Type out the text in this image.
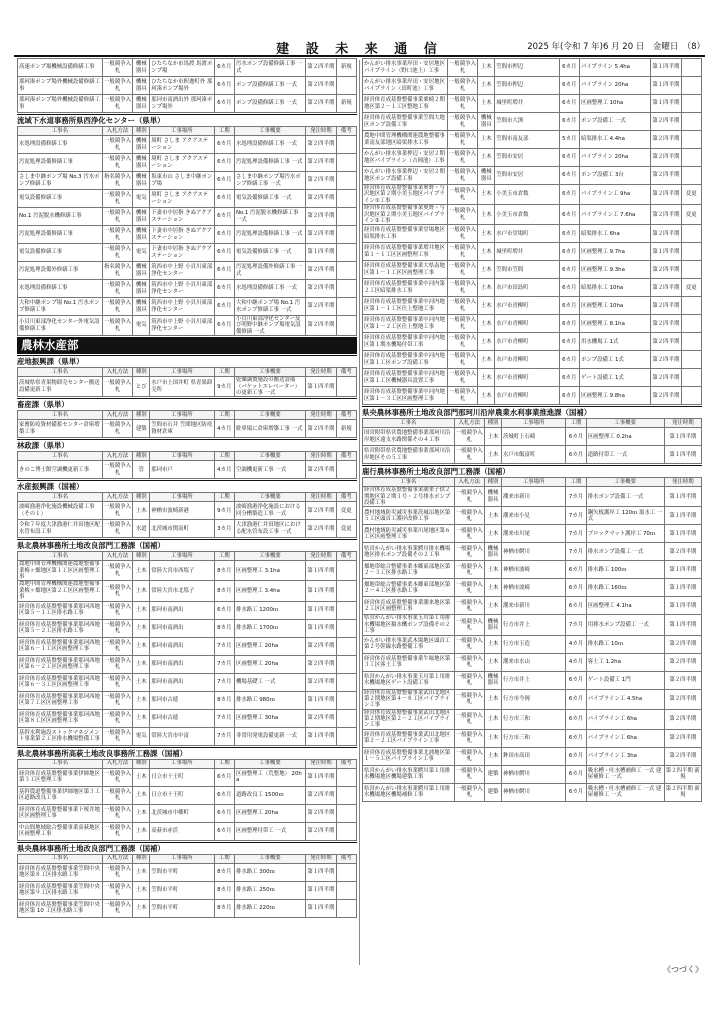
建 設 未 来 通 信	2025 年(令和 7 年)6 月 20 日　金曜日　（8）
高速ポンプ場機械設備修繕工事	一般競争入札	機械器具	ひたちなか市馬渡 馬渡ポンプ場	6カ月	汚水ポンプ設備修繕工事 一式	第２四半期	新規
那珂湊ポンプ場外機械設備修繕工事	一般競争入札	機械器具	ひたちなか市釈迦町外 那珂湊ポンプ場外	6カ月	ポンプ設備修繕工事 一式	第２四半期	
那珂湊ポンプ場外機械設備修繕工事	一般競争入札	機械器具	那珂市南酒出外 那珂湊ポンプ場外	6カ月	ポンプ設備修繕工事 一式	第２四半期	新規
流域下水道事務所県西浄化センター（県単）
工事名	入札方法	種別	工事場所	工期	工事概要	発注時期	備考
水処理設備修繕工事	一般競争入札	機械器具	境町 さしま アクアステーション	6カ月	水処理設備修繕工事 一式	第２四半期	
汚泥処理設備修繕工事	一般競争入札	機械器具	境町 さしま アクアステーション	6カ月	汚泥処理設備修繕工事 一式	第２四半期	
さしま中継ポンプ場 No.3 汚水ポンプ修繕工事	指名競争入札	機械器具	坂東市山 さしま中継ポンプ場	6カ月	さしま中継ポンプ場汚水ポンプ修繕工事 一式	第２四半期	
電気設備修繕工事	一般競争入札	電気	境町 さしま アクアステーション	6カ月	電気設備修繕工事 一式	第２四半期	
No.1 汚泥脱水機修繕工事	一般競争入札	機械器具	下妻市中居指 きぬアクアステーション	6カ月	No.1 汚泥脱水機修繕工事 一式	第２四半期	
汚泥処理設備修繕工事	一般競争入札	機械器具	下妻市中居指 きぬアクアステーション	6カ月	汚泥処理設備修繕工事 一式	第２四半期	
電気設備修繕工事	一般競争入札	電気	下妻市中居指 きぬアクアステーション	6カ月	電気設備修繕工事 一式	第１四半期	
汚泥処理設備外修繕工事	指名競争入札	機械器具	筑西市中上野 小貝川東部浄化センター	6カ月	汚泥処理設備外修繕工事 一式	第２四半期	
水処理設備修繕工事	一般競争入札	機械器具	筑西市中上野 小貝川東部浄化センター	6カ月	水処理設備修繕工事 一式	第２四半期	
大和中継ポンプ場 No.1 汚水ポンプ修繕工事	一般競争入札	機械器具	筑西市中上野 小貝川東部浄化センター	6カ月	大和中継ポンプ場 No.1 汚水ポンプ修繕工事 一式	第２四半期	
小貝川東部浄化センター外電気設備修繕工事	一般競争入札	電気	筑西市中上野 小貝川東部浄化センター	6カ月	小貝川東部浄化センター及び明野中継ポンプ場電気設備修繕 一式	第２四半期	
農林水産部
産地振興課（県単）
工事名	入札方法	種別	工事場所	工期	工事概要	発注時期	備考
茨城県県青果物卸売センター搬送設備更新工事	一般競争入札	とび	水戸市上国井町 県青果卸売所	9カ月	乾燥調製施設の搬送設備（バケットエレベーター）の更新工事 一式	第１四半期	
畜産課（県単）
工事名	入札方法	種別	工事場所	工期	工事概要	発注時期	備考
家畜防疫資材備蓄センター倉庫増築工事	一般競争入札	建築	笠間市石井 笠間地区防疫資材倉庫	4カ月	駐車場に倉庫増築工事 一式	第２四半期	新規
林政課（県単）
工事名	入札方法	種別	工事場所	工期	工事概要	発注時期	備考
きのこ博士館空調機更新工事	一般競争入札	管	那珂市戸	4カ月	空調機更新工事 一式	第２四半期	
水産振興課（国補）
工事名	入札方法	種別	工事場所	工期	工事概要	発注時期	備考
波崎漁港浄化施設機械設備工事（その１）	一般競争入札	土木	神栖市波崎新港	9カ月	波崎漁港浄化施設における回分槽築造工事 一式	第２四半期	変更
令和７年度大津漁港仁井田地区配水管布設工事	一般競争入札	水道	北茨城市関南町	3カ月	大津漁港仁井田地区における配水管布設工事 一式	第２四半期	変更
県北農林事務所土地改良部門工務課（国補）
工事名	入札方法	種別	工事場所	工期	工事概要	発注時期	備考
農地中間管理機構関連農地整備事業梅ヶ畑地区第１工区区画整理工事	一般競争入札	土木	常陸大宮市西塩子	8カ月	区画整理工 3.1ha	第１四半期	
農地中間管理機構関連農地整備事業梅ヶ畑地区第２工区区画整理工事	一般競争入札	土木	常陸大宮市北塩子	8カ月	区画整理工 3.4ha	第１四半期	
経営体育成基盤整備事業那珂西地区第５－１工区排水路工事	一般競争入札	土木	那珂市南酒出	6カ月	排水路工 1200ｍ	第１四半期	
経営体育成基盤整備事業那珂西地区第５－２工区排水路工事	一般競争入札	土木	那珂市南酒出	8カ月	排水路工 1700ｍ	第１四半期	
経営体育成基盤整備事業那珂西地区第６－１工区区画整理工事	一般競争入札	土木	那珂市南酒出	7カ月	区画整理工 20ha	第２四半期	
経営体育成基盤整備事業那珂西地区第６－２工区区画整理工事	一般競争入札	土木	那珂市南酒出	7カ月	区画整理工 20ha	第２四半期	
経営体育成基盤整備事業那珂西地区第６－３工区区画整理工事	一般競争入札	土木	那珂市南酒出	7カ月	機場基礎工 一式	第２四半期	
経営体育成基盤整備事業那珂西地区第７工区区画整理工事	一般競争入札	土木	那珂市古徳	8カ月	排水路工 980ｍ	第１四半期	
経営体育成基盤整備事業那珂西地区第８工区区画整理工事	一般競争入札	土木	那珂市古徳	7カ月	区画整理工 30ha	第２四半期	
基幹水利施設ストックマネジメント事業第２工区排水機場整備工事	一般競争入札	電気	常陸大宮市中富	7カ月	非常用発電設備更新 一式	第１四半期	
県北農林事務所高萩土地改良事務所工務課（国補）
工事名	入札方法	種別	工事場所	工期	工事概要	発注時期	備考
経営体育成基盤整備事業伊師地区第３工区整理工事	一般競争入札	土木	日立市十王町	6カ月	区画整理工（荒整地） 20ha	第１四半期	
基幹農道整備事業伊師地区第３工区道路改良工事	一般競争入札	土木	日立市十王町	6カ月	道路改良工 1500ｍ	第２四半期	
経営体育成基盤整備事業下桜井地区区画整理工事	一般競争入札	土木	北茨城市中郷町	6カ月	区画整理工 20ha	第２四半期	
中山間地域総合整備事業高萩地区区画整理工事	一般競争入札	土木	高萩市赤浜	6カ月	区画整理付帯工 一式	第２四半期	
県央農林事務所土地改良部門工務課（国補）
工事名	入札方法	種別	工事場所	工期	工事概要	発注時期	備考
経営体育成基盤整備事業笠間中央地区第８工区排水路工事	一般競争入札	土木	笠間市平町	8カ月	排水路工 300ｍ	第１四半期	
経営体育成基盤整備事業笠間中央地区第９工区排水路工事	一般競争入札	土木	笠間市平町	8カ月	排水路工 250ｍ	第１四半期	
経営体育成基盤整備事業笠間中央地区第 10 工区排水路工事	一般競争入札	土木	笠間市平町	8カ月	排水路工 220ｍ	第１四半期	
かんがい排水事業岸田・安居地区パイプライン（野口池上）工事	一般競争入札	土木	笠間市押辺	6カ月	パイプライン 5.4ha	第１四半期	
かんがい排水事業岸田・安居地区パイプライン（田町池）工事	一般競争入札	土木	笠間市押辺	6カ月	パイプライン 20ha	第１四半期	
経営体育成基盤整備事業栗崎２期地区第２－１工区整地工事	一般競争入札	土木	城里町増井	6カ月	区画整理工 10ha	第１四半期	
経営体育成基盤整備事業笠間大地区ポンプ設備工事	一般競争入札	機械器具	笠間市大渕	6カ月	ポンプ設備工 一式	第２四半期	
農地中間管理機構関連農地整備事業南友部地区暗渠排水工事	一般競争入札	土木	笠間市南友部	5カ月	暗渠排水工 4.4ha	第２四半期	
かんがい排水事業押辺・安居２期地区パイプライン（吉岡池）工事	一般競争入札	土木	笠間市安居	6カ月	パイプライン 20ha	第２四半期	
かんがい排水事業押辺・安居２期地区ポンプ設備工事	一般競争入札	機械器具	笠間市安居	6カ月	ポンプ設備工 3台	第２四半期	
経営体育成基盤整備事業奥野・与沢地区第２期小美玉地区パイプライン①工事	一般競争入札	土木	小美玉市倉数	6カ月	パイプライン工 9ha	第２四半期	変更
経営体育成基盤整備事業奥野・与沢地区第２期小美玉地区パイプライン②工事	一般競争入札	土木	小美玉市倉数	6カ月	パイプライン工 7.6ha	第２四半期	変更
経営体育成基盤整備事業堂場地区暗渠排水工事	一般競争入札	土木	水戸市堂場町	6カ月	暗渠排水工 6ha	第２四半期	
経営体育成基盤整備事業増井地区第１－１工区区画整理工事	一般競争入札	土木	城里町増井	6カ月	区画整理工 9.7ha	第１四半期	
経営体育成基盤整備事業大県南地区第１－１工区区画整理工事	一般競争入札	土木	笠間市笠間	6カ月	区画整理工 9.3ha	第２四半期	
経営体育成基盤整備事業中河内第２工区暗渠排水工事	一般競争入札	土木	水戸市田島町	6カ月	暗渠排水工 10ha	第２四半期	変更
経営体育成基盤整備事業中河内地区第１－１工区仕上整地工事	一般競争入札	土木	水戸市青柳町	6カ月	区画整理工 10ha	第２四半期	
経営体育成基盤整備事業中河内地区第１－２工区仕上整地工事	一般競争入札	土木	水戸市青柳町	6カ月	区画整理工 8.1ha	第２四半期	
経営体育成基盤整備事業中河内地区第１期水機場付帯工事	一般競争入札	土木	水戸市青柳町	6カ月	用水機場工 1式	第２四半期	
経営体育成基盤整備事業中河内地区第１工区ポンプ設備工事	一般競争入札	土木	水戸市青柳町	6カ月	ポンプ設備工 1式	第２四半期	
経営体育成基盤整備事業中河内地区第１工区機械器具設置工事	一般競争入札	土木	水戸市青柳町	6カ月	ゲート設備工 1式	第２四半期	
経営体育成基盤整備事業中河内地区第１－３工区区画整理工事	一般競争入札	土木	水戸市青柳町	6カ月	区画整理工 9.8ha	第２四半期	
県央農林事務所土地改良部門那珂川沿岸農業水利事業推進課（国補）
工事名	入札方法	種別	工事場所	工期	工事概要	発注時期
国営附帯県営農地整備事業那珂川沿岸地区遠支水路関係その４工事	一般競争入札	土木	茨城町上石崎	6カ月	区画整理工 0.2ha	第１四半期
県営附帯県営農地整備事業那珂川沿岸地区その５工事	一般競争入札	土木	水戸市飯富町	6カ月	道路付帯工 一式	第１四半期
鹿行農林事務所土地改良部門工務課（国補）
工事名	入札方法	種別	工事場所	工期	工事概要	発注時期
経営体育成基盤整備事業潮来子供２期地区第２期１号・２号排水ポンプ設備工事	一般競争入札	機械器具	潮来市新川	7カ月	排水ポンプ設備工 一式	第１四半期
農村地域防災減災事業茨城沼地区第５工区頭首工護岸改修工事	一般競争入札	土木	潮来市小見	7カ月	鋼矢板護岸工 120ｍ 取水工 一式	第１四半期
農村地域防災減災事業川尾地区第６工区区画整理工事	一般競争入札	土木	潮来市川尾	7カ月	ブロックマット護岸工 70ｍ	第１四半期
県営かんがい排水事業鰐川排水機場地区排水ポンプ設備その２工事	一般競争入札	機械器具	神栖市鰐川	7カ月	排水ポンプ設備工 一式	第２四半期
畑地帯総合整備事業本郷東部地区第２－３工区排水路工事	一般競争入札	土木	神栖市波崎	6カ月	排水路工 100ｍ	第１四半期
畑地帯総合整備事業本郷東部地区第２－４工区排水路工事	一般競争入札	土木	神栖市波崎	6カ月	排水路工 160ｍ	第１四半期
経営体育成基盤整備事業潮来地区第２工区区画整理工事	一般競争入札	土木	潮来市新川	6カ月	区画整理工 4.1ha	第１四半期
県営かんがい排水事業玉川第１用排水機場地区揚水機ポンプ設備その２工事	一般競争入札	機械器具	行方市井上	7カ月	用排水ポンプ設備工 一式	第１四半期
かんがい排水事業武木場地区頭首工第２号幹線水路整備工事	一般競争入札	土木	行方市玉造	4カ月	排水路工 10ｍ	第２四半期
経営体育成基盤整備事業牛堀地区第３工区客土工事	一般競争入札	土木	潮来市水山	4カ月	客土工 1.2ha	第２四半期
県営かんがい排水事業玉川第１用排水機場地区ゲート設備工事	一般競争入札	機械器具	行方市井上	6カ月	ゲート設備工 1門	第２四半期
経営体育成基盤整備事業武田北地区第２期地区第４－８工区パイプライン工事	一般競争入札	土木	行方市今岡	6カ月	パイプライン工 4.5ha	第２四半期
経営体育成基盤整備事業武田北地区第２期地区第２－２工区パイプライン工事	一般競争入札	土木	行方市三和	6カ月	パイプライン工 6ha	第２四半期
経営体育成基盤整備事業武田北地区第２－２工区パイプライン工事	一般競争入札	土木	行方市三和	6カ月	パイプライン工 6ha	第２四半期
経営体育成基盤整備事業北浦地区第１－５工区パイプライン工事	一般競争入札	土木	鉾田市高田	6カ月	パイプライン工 3ha	第２四半期
県営かんがい排水事業鰐川第１用排水機場地区機場建築工事	一般競争入札	建築	神栖市鰐川	6カ月	吸水槽・吐水槽補修工 一式 建屋補修工 一式	第２四半期 新規
県営かんがい排水事業鰐川第１用排水機場地区機場補修工事	一般競争入札	建築	神栖市鰐川	6カ月	吸水槽・吐水槽補修工 一式 建屋補修工 一式	第２四半期 新規
《つづく》
